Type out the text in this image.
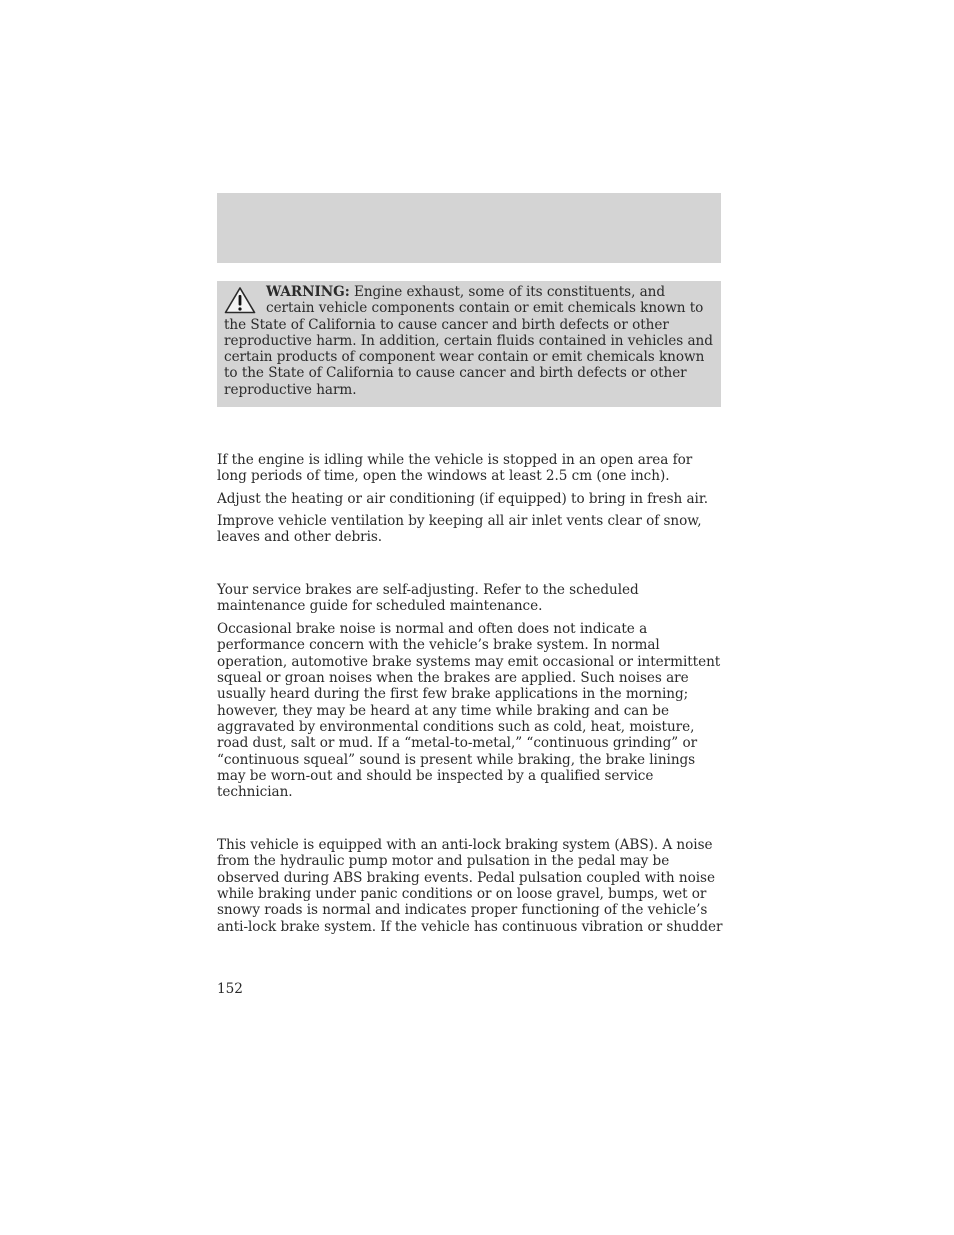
WARNING: Engine exhaust, some of its constituents, and certain vehicle components contain or emit chemicals known to the State of California to cause cancer and birth defects or other reproductive harm. In addition, certain fluids contained in vehicles and certain products of component wear contain or emit chemicals known to the State of California to cause cancer and birth defects or other reproductive harm.

If the engine is idling while the vehicle is stopped in an open area for long periods of time, open the windows at least 2.5 cm (one inch).

Adjust the heating or air conditioning (if equipped) to bring in fresh air.

Improve vehicle ventilation by keeping all air inlet vents clear of snow, leaves and other debris.

Your service brakes are self-adjusting. Refer to the scheduled maintenance guide for scheduled maintenance.

Occasional brake noise is normal and often does not indicate a performance concern with the vehicle’s brake system. In normal operation, automotive brake systems may emit occasional or intermittent squeal or groan noises when the brakes are applied. Such noises are usually heard during the first few brake applications in the morning; however, they may be heard at any time while braking and can be aggravated by environmental conditions such as cold, heat, moisture, road dust, salt or mud. If a “metal-to-metal,” “continuous grinding” or “continuous squeal” sound is present while braking, the brake linings may be worn-out and should be inspected by a qualified service technician.

This vehicle is equipped with an anti-lock braking system (ABS). A noise from the hydraulic pump motor and pulsation in the pedal may be observed during ABS braking events. Pedal pulsation coupled with noise while braking under panic conditions or on loose gravel, bumps, wet or snowy roads is normal and indicates proper functioning of the vehicle’s anti-lock brake system. If the vehicle has continuous vibration or shudder

152
